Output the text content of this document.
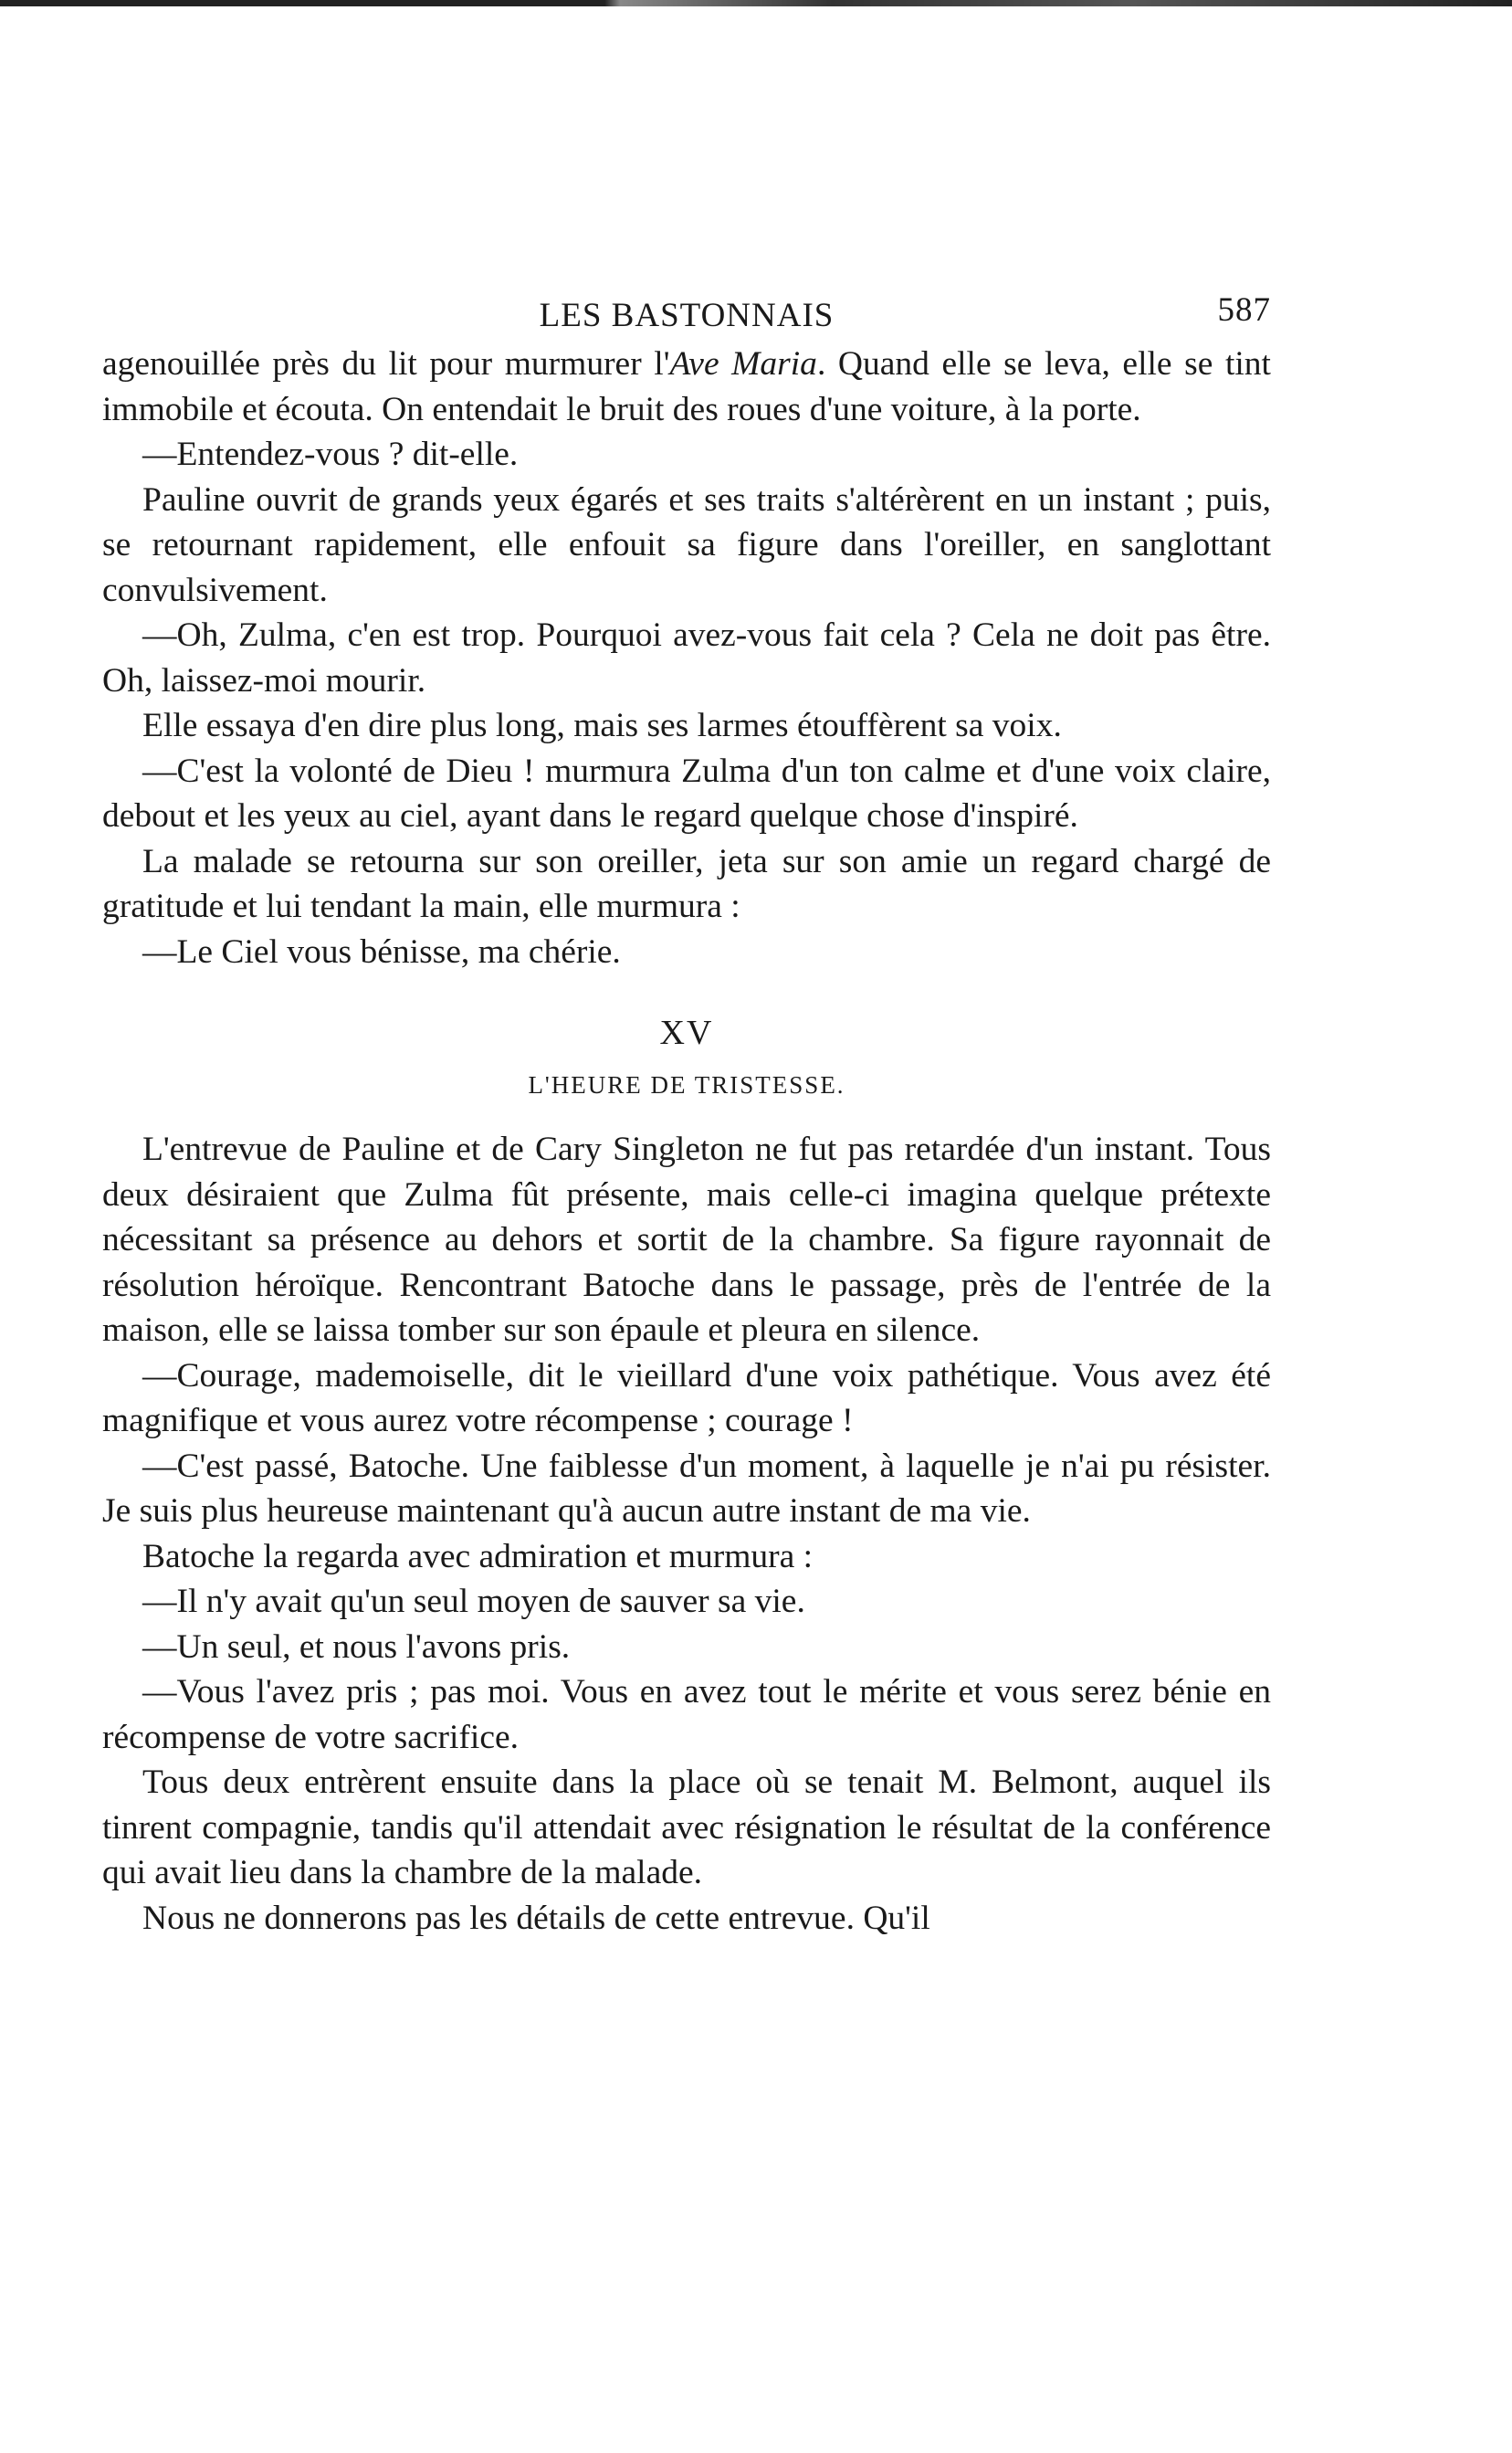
LES BASTONNAIS	587

agenouillée près du lit pour murmurer l'Ave Maria. Quand elle se leva, elle se tint immobile et écouta. On entendait le bruit des roues d'une voiture, à la porte.

—Entendez-vous ? dit-elle.

Pauline ouvrit de grands yeux égarés et ses traits s'altérèrent en un instant ; puis, se retournant rapidement, elle enfouit sa figure dans l'oreiller, en sanglottant convulsivement.

—Oh, Zulma, c'en est trop. Pourquoi avez-vous fait cela ? Cela ne doit pas être. Oh, laissez-moi mourir.

Elle essaya d'en dire plus long, mais ses larmes étouffèrent sa voix.

—C'est la volonté de Dieu ! murmura Zulma d'un ton calme et d'une voix claire, debout et les yeux au ciel, ayant dans le regard quelque chose d'inspiré.

La malade se retourna sur son oreiller, jeta sur son amie un regard chargé de gratitude et lui tendant la main, elle murmura :

—Le Ciel vous bénisse, ma chérie.

XV
L'HEURE DE TRISTESSE.

L'entrevue de Pauline et de Cary Singleton ne fut pas retardée d'un instant. Tous deux désiraient que Zulma fût présente, mais celle-ci imagina quelque prétexte nécessitant sa présence au dehors et sortit de la chambre. Sa figure rayonnait de résolution héroïque. Rencontrant Batoche dans le passage, près de l'entrée de la maison, elle se laissa tomber sur son épaule et pleura en silence.

—Courage, mademoiselle, dit le vieillard d'une voix pathétique. Vous avez été magnifique et vous aurez votre récompense ; courage !

—C'est passé, Batoche. Une faiblesse d'un moment, à laquelle je n'ai pu résister. Je suis plus heureuse maintenant qu'à aucun autre instant de ma vie.

Batoche la regarda avec admiration et murmura :

—Il n'y avait qu'un seul moyen de sauver sa vie.

—Un seul, et nous l'avons pris.

—Vous l'avez pris ; pas moi. Vous en avez tout le mérite et vous serez bénie en récompense de votre sacrifice.

Tous deux entrèrent ensuite dans la place où se tenait M. Belmont, auquel ils tinrent compagnie, tandis qu'il attendait avec résignation le résultat de la conférence qui avait lieu dans la chambre de la malade.

Nous ne donnerons pas les détails de cette entrevue. Qu'il
